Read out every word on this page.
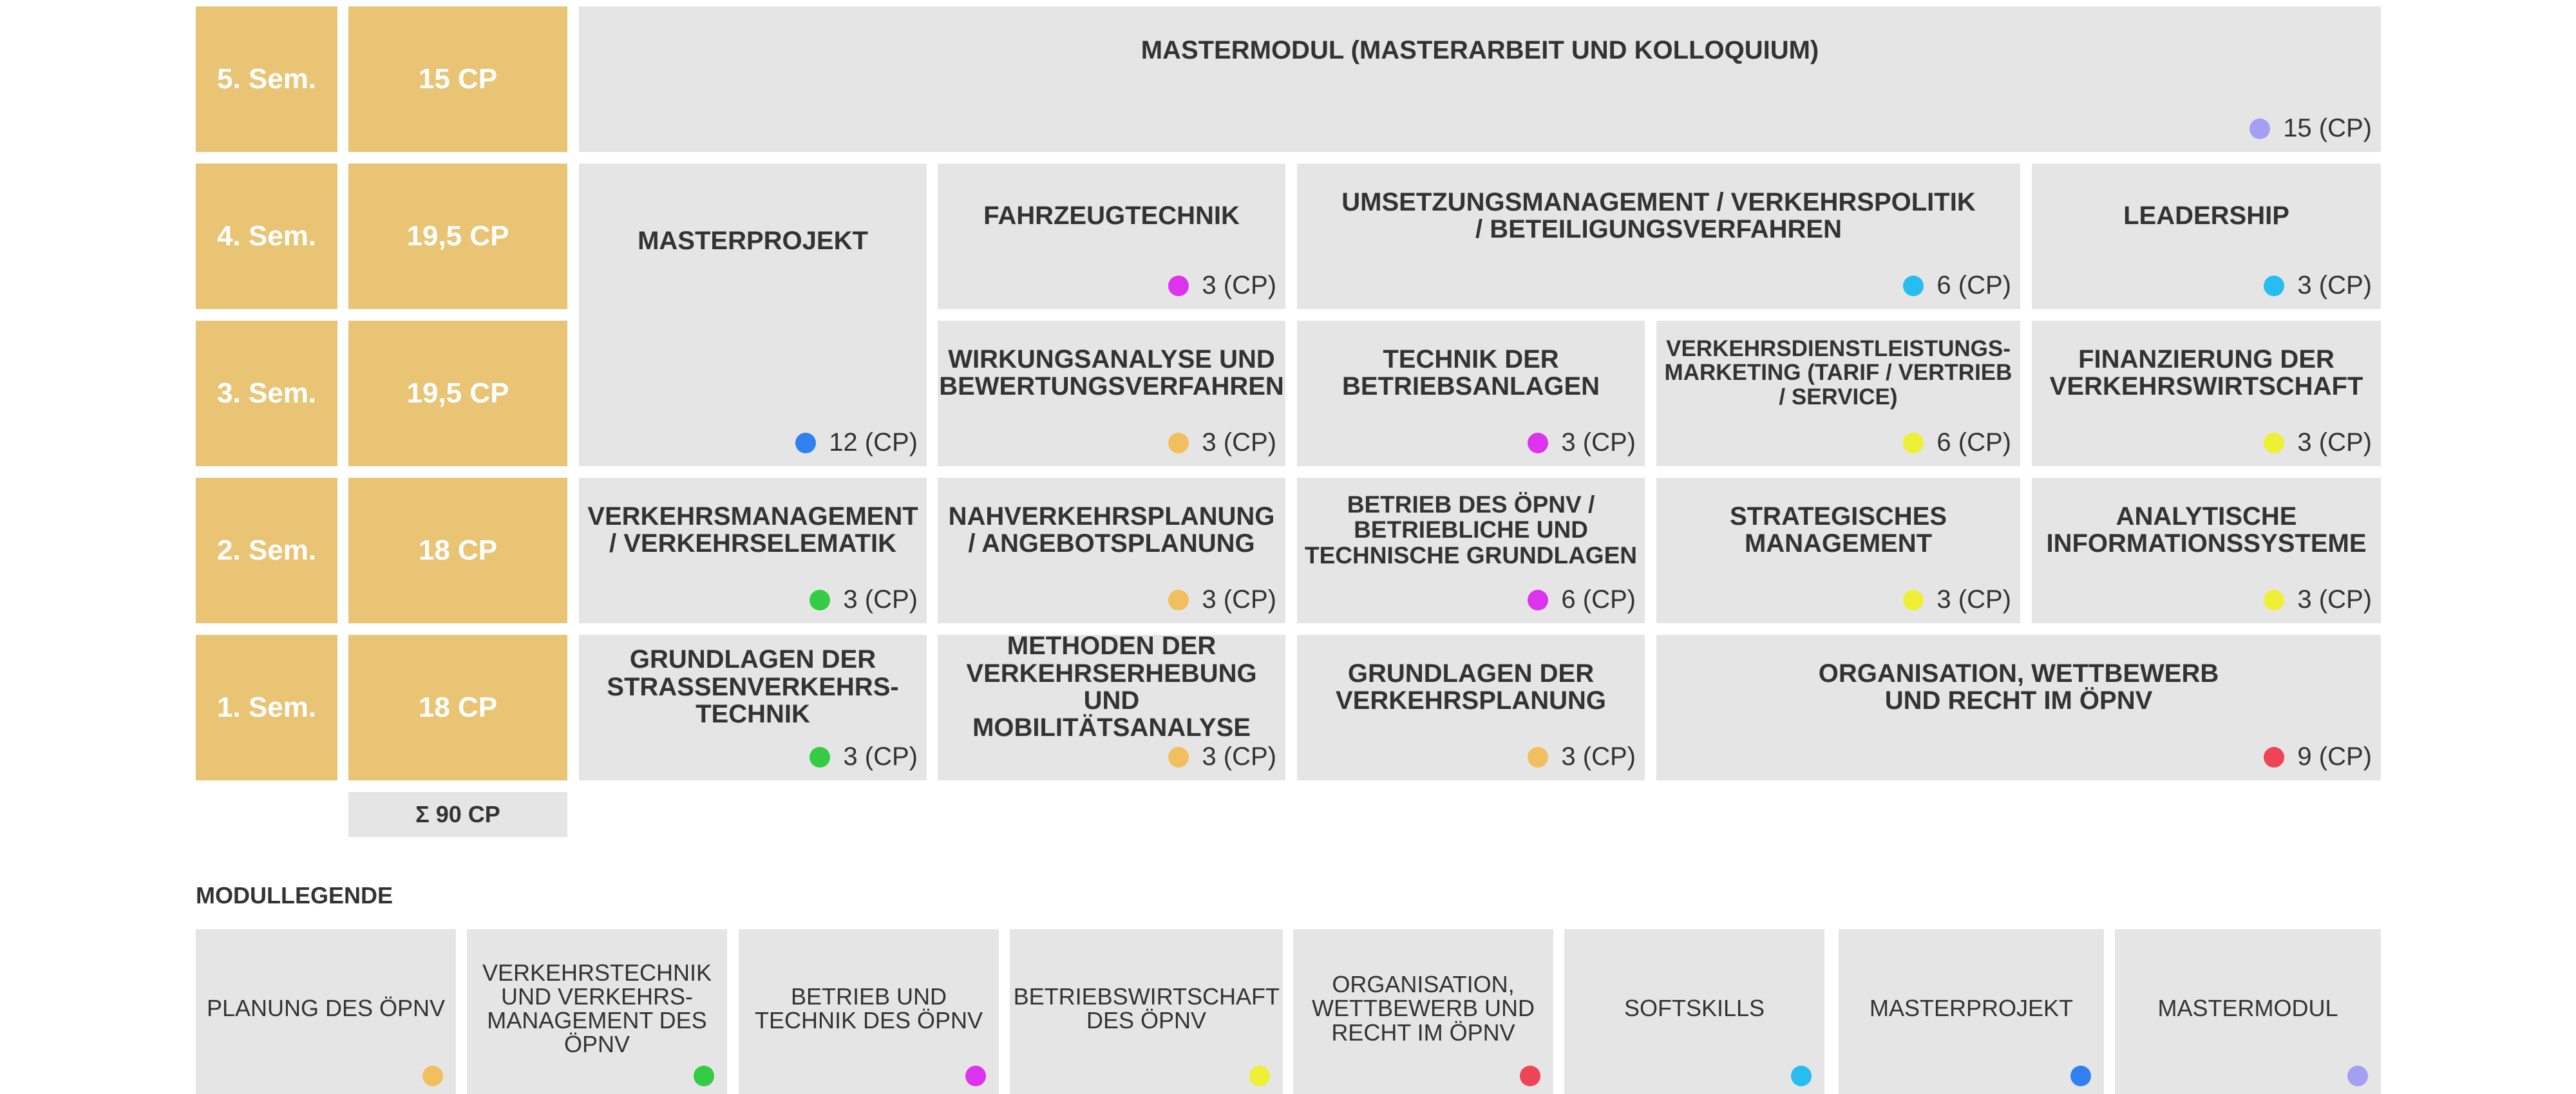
5. Sem.
4. Sem.
3. Sem.
2. Sem.
1. Sem.
15 CP
19,5 CP
19,5 CP
18 CP
18 CP
Σ 90 CP
MASTERMODUL (MASTERARBEIT UND KOLLOQUIUM)
15 (CP)
MASTERPROJEKT
12 (CP)
FAHRZEUGTECHNIK
3 (CP)
UMSETZUNGSMANAGEMENT / VERKEHRSPOLITIK / BETEILIGUNGSVERFAHREN
6 (CP)
LEADERSHIP
3 (CP)
WIRKUNGSANALYSE UND BEWERTUNGSVERFAHREN
3 (CP)
TECHNIK DER BETRIEBSANLAGEN
3 (CP)
VERKEHRSDIENSTLEISTUNGS-MARKETING (TARIF / VERTRIEB / SERVICE)
6 (CP)
FINANZIERUNG DER VERKEHRSWIRTSCHAFT
3 (CP)
VERKEHRSMANAGEMENT / VERKEHRSELEMATIK
3 (CP)
NAHVERKEHRSPLANUNG / ANGEBOTSPLANUNG
3 (CP)
BETRIEB DES ÖPNV / BETRIEBLICHE UND TECHNISCHE GRUNDLAGEN
6 (CP)
STRATEGISCHES MANAGEMENT
3 (CP)
ANALYTISCHE INFORMATIONSSYSTEME
3 (CP)
GRUNDLAGEN DER STRASSENVERKEHRS-TECHNIK
3 (CP)
METHODEN DER VERKEHRSERHEBUNG UND MOBILITÄTSANALYSE
3 (CP)
GRUNDLAGEN DER VERKEHRSPLANUNG
3 (CP)
ORGANISATION, WETTBEWERB UND RECHT IM ÖPNV
9 (CP)
MODULLEGENDE
PLANUNG DES ÖPNV
VERKEHRSTECHNIK UND VERKEHRS-MANAGEMENT DES ÖPNV
BETRIEB UND TECHNIK DES ÖPNV
BETRIEBSWIRTSCHAFT DES ÖPNV
ORGANISATION, WETTBEWERB UND RECHT IM ÖPNV
SOFTSKILLS	MASTERPROJEKT	MASTERMODUL
